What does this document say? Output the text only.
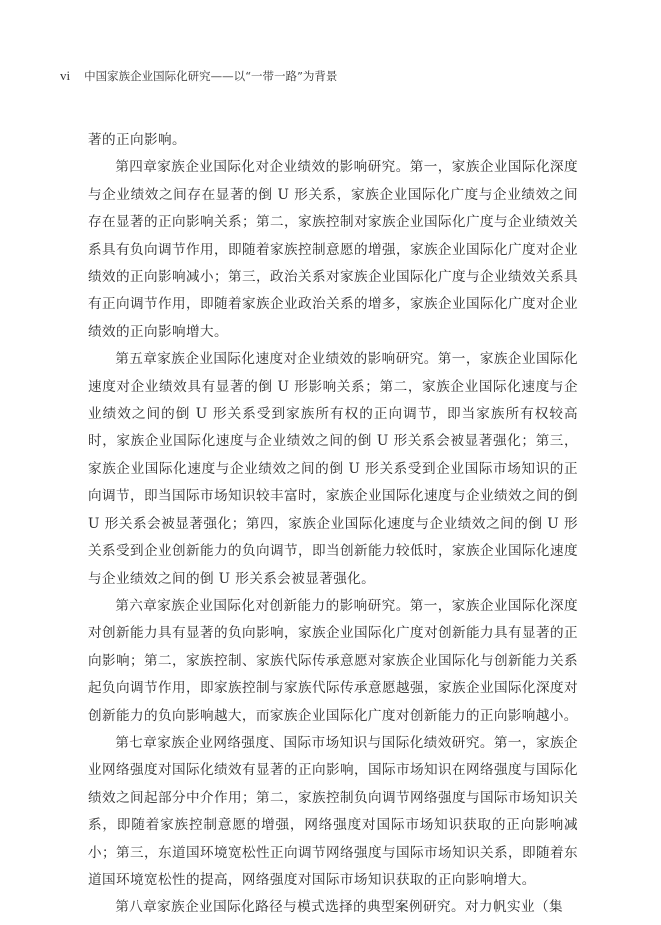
vi 中国家族企业国际化研究——以“一带一路”为背景

著的正向影响。

第四章家族企业国际化对企业绩效的影响研究。第一，家族企业国际化深度与企业绩效之间存在显著的倒 U 形关系，家族企业国际化广度与企业绩效之间存在显著的正向影响关系；第二，家族控制对家族企业国际化广度与企业绩效关系具有负向调节作用，即随着家族控制意愿的增强，家族企业国际化广度对企业绩效的正向影响减小；第三，政治关系对家族企业国际化广度与企业绩效关系具有正向调节作用，即随着家族企业政治关系的增多，家族企业国际化广度对企业绩效的正向影响增大。

第五章家族企业国际化速度对企业绩效的影响研究。第一，家族企业国际化速度对企业绩效具有显著的倒 U 形影响关系；第二，家族企业国际化速度与企业绩效之间的倒 U 形关系受到家族所有权的正向调节，即当家族所有权较高时，家族企业国际化速度与企业绩效之间的倒 U 形关系会被显著强化；第三，家族企业国际化速度与企业绩效之间的倒 U 形关系受到企业国际市场知识的正向调节，即当国际市场知识较丰富时，家族企业国际化速度与企业绩效之间的倒 U 形关系会被显著强化；第四，家族企业国际化速度与企业绩效之间的倒 U 形关系受到企业创新能力的负向调节，即当创新能力较低时，家族企业国际化速度与企业绩效之间的倒 U 形关系会被显著强化。

第六章家族企业国际化对创新能力的影响研究。第一，家族企业国际化深度对创新能力具有显著的负向影响，家族企业国际化广度对创新能力具有显著的正向影响；第二，家族控制、家族代际传承意愿对家族企业国际化与创新能力关系起负向调节作用，即家族控制与家族代际传承意愿越强，家族企业国际化深度对创新能力的负向影响越大，而家族企业国际化广度对创新能力的正向影响越小。

第七章家族企业网络强度、国际市场知识与国际化绩效研究。第一，家族企业网络强度对国际化绩效有显著的正向影响，国际市场知识在网络强度与国际化绩效之间起部分中介作用；第二，家族控制负向调节网络强度与国际市场知识关系，即随着家族控制意愿的增强，网络强度对国际市场知识获取的正向影响减小；第三，东道国环境宽松性正向调节网络强度与国际市场知识关系，即随着东道国环境宽松性的提高，网络强度对国际市场知识获取的正向影响增大。

第八章家族企业国际化路径与模式选择的典型案例研究。对力帆实业（集
